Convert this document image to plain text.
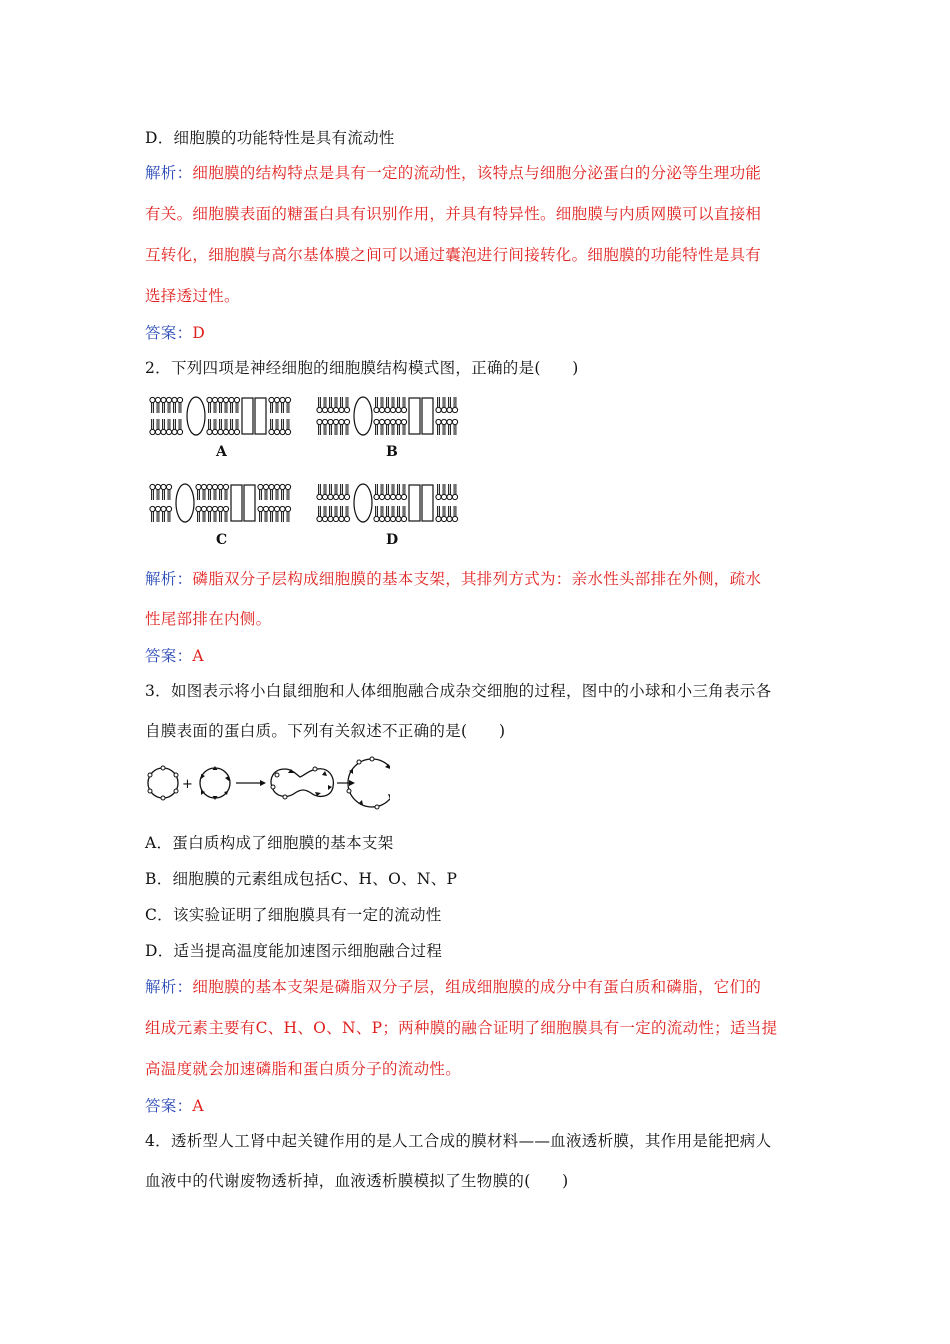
D．细胞膜的功能特性是具有流动性
解析：细胞膜的结构特点是具有一定的流动性，该特点与细胞分泌蛋白的分泌等生理功能
有关。细胞膜表面的糖蛋白具有识别作用，并具有特异性。细胞膜与内质网膜可以直接相
互转化，细胞膜与高尔基体膜之间可以通过囊泡进行间接转化。细胞膜的功能特性是具有
选择透过性。
答案：D
2．下列四项是神经细胞的细胞膜结构模式图，正确的是(　　)
A	B
C	D
解析：磷脂双分子层构成细胞膜的基本支架，其排列方式为：亲水性头部排在外侧，疏水
性尾部排在内侧。
答案：A
3．如图表示将小白鼠细胞和人体细胞融合成杂交细胞的过程，图中的小球和小三角表示各
自膜表面的蛋白质。下列有关叙述不正确的是(　　)
+
A．蛋白质构成了细胞膜的基本支架
B．细胞膜的元素组成包括C、H、O、N、P
C．该实验证明了细胞膜具有一定的流动性
D．适当提高温度能加速图示细胞融合过程
解析：细胞膜的基本支架是磷脂双分子层，组成细胞膜的成分中有蛋白质和磷脂，它们的
组成元素主要有C、H、O、N、P；两种膜的融合证明了细胞膜具有一定的流动性；适当提
高温度就会加速磷脂和蛋白质分子的流动性。
答案：A
4．透析型人工肾中起关键作用的是人工合成的膜材料——血液透析膜，其作用是能把病人
血液中的代谢废物透析掉，血液透析膜模拟了生物膜的(　　)
